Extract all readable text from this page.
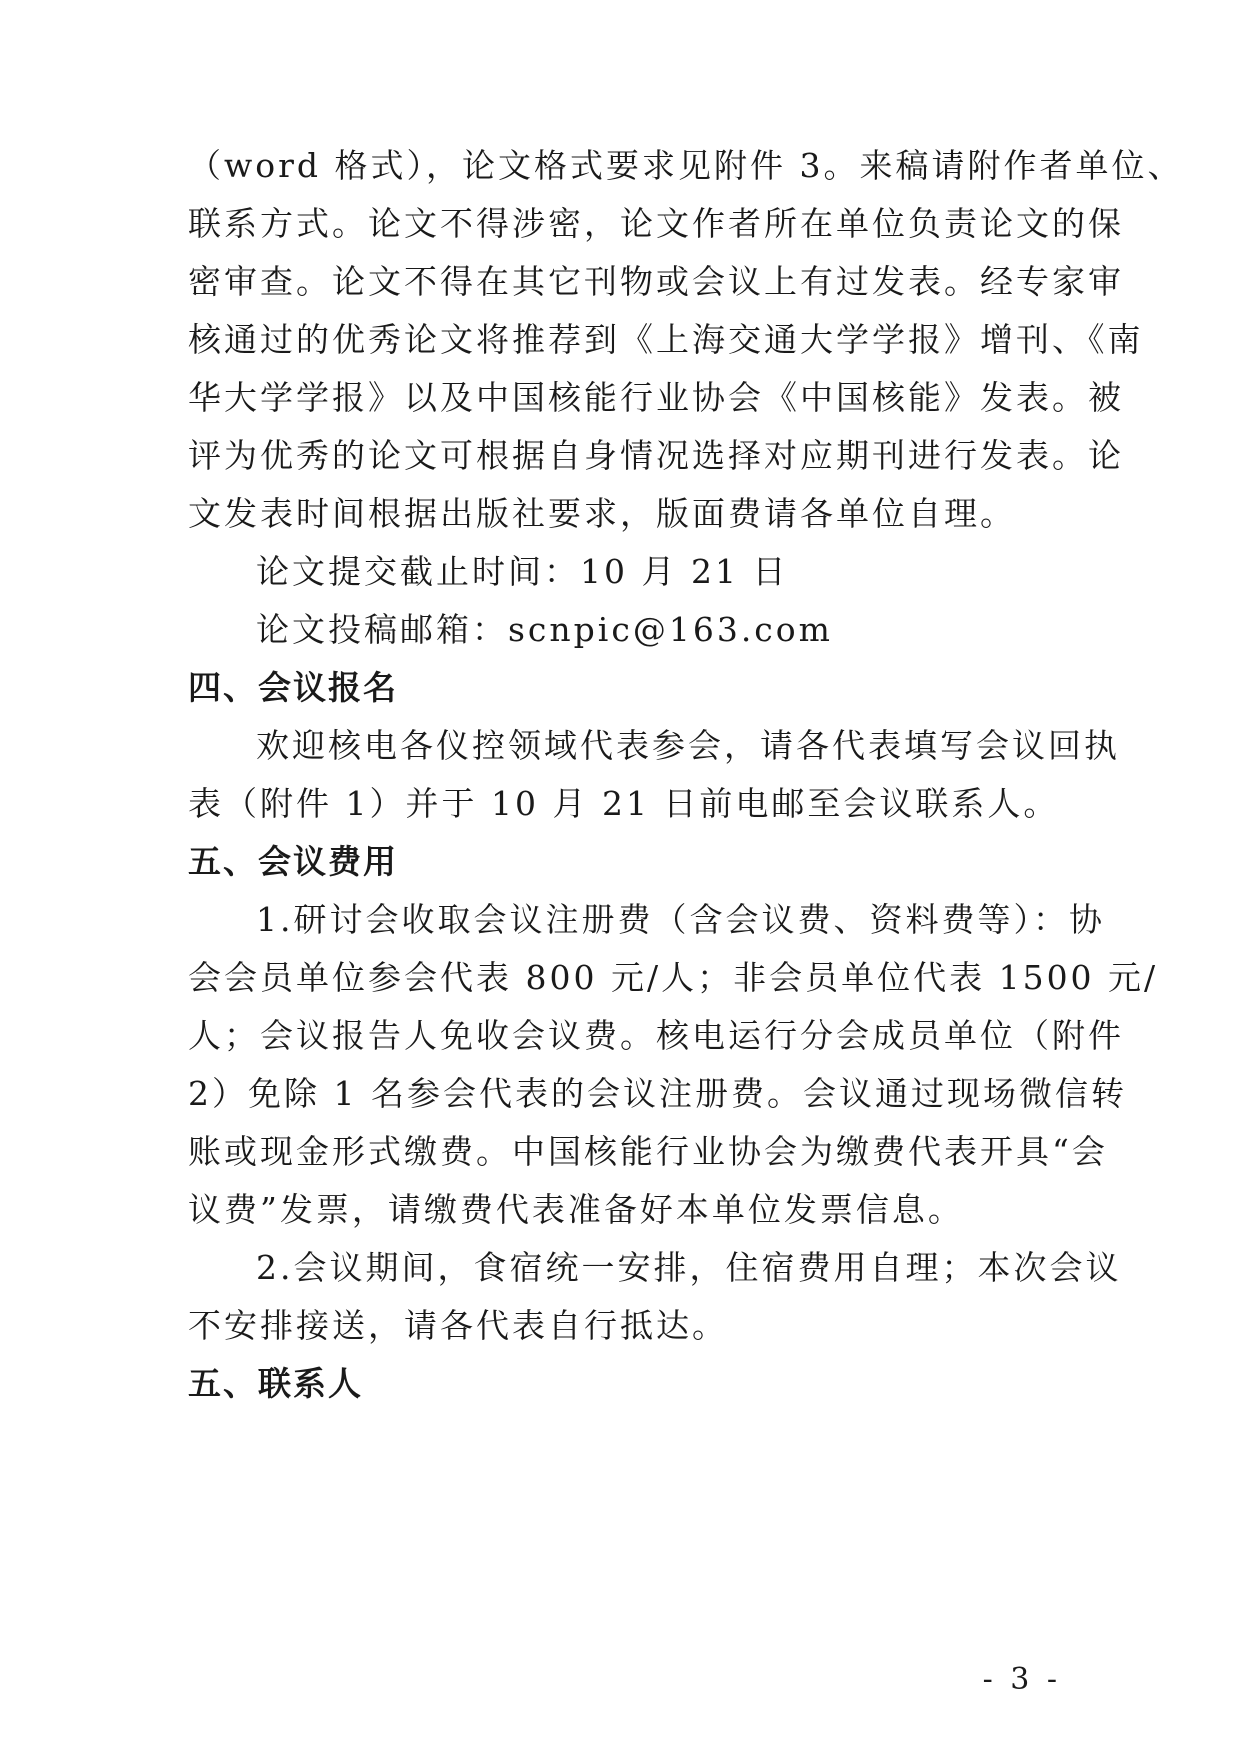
（word 格式），论文格式要求见附件 3。来稿请附作者单位、
联系方式。论文不得涉密，论文作者所在单位负责论文的保
密审查。论文不得在其它刊物或会议上有过发表。经专家审
核通过的优秀论文将推荐到《上海交通大学学报》增刊、《南
华大学学报》以及中国核能行业协会《中国核能》发表。被
评为优秀的论文可根据自身情况选择对应期刊进行发表。论
文发表时间根据出版社要求，版面费请各单位自理。
论文提交截止时间：10 月 21 日
论文投稿邮箱：scnpic@163.com
四、会议报名
欢迎核电各仪控领域代表参会，请各代表填写会议回执
表（附件 1）并于 10 月 21 日前电邮至会议联系人。
五、会议费用
1.研讨会收取会议注册费（含会议费、资料费等）：协
会会员单位参会代表 800 元/人；非会员单位代表 1500 元/
人；会议报告人免收会议费。核电运行分会成员单位（附件
2）免除 1 名参会代表的会议注册费。会议通过现场微信转
账或现金形式缴费。中国核能行业协会为缴费代表开具“会
议费”发票，请缴费代表准备好本单位发票信息。
2.会议期间，食宿统一安排，住宿费用自理；本次会议
不安排接送，请各代表自行抵达。
五、联系人
- 3 -
